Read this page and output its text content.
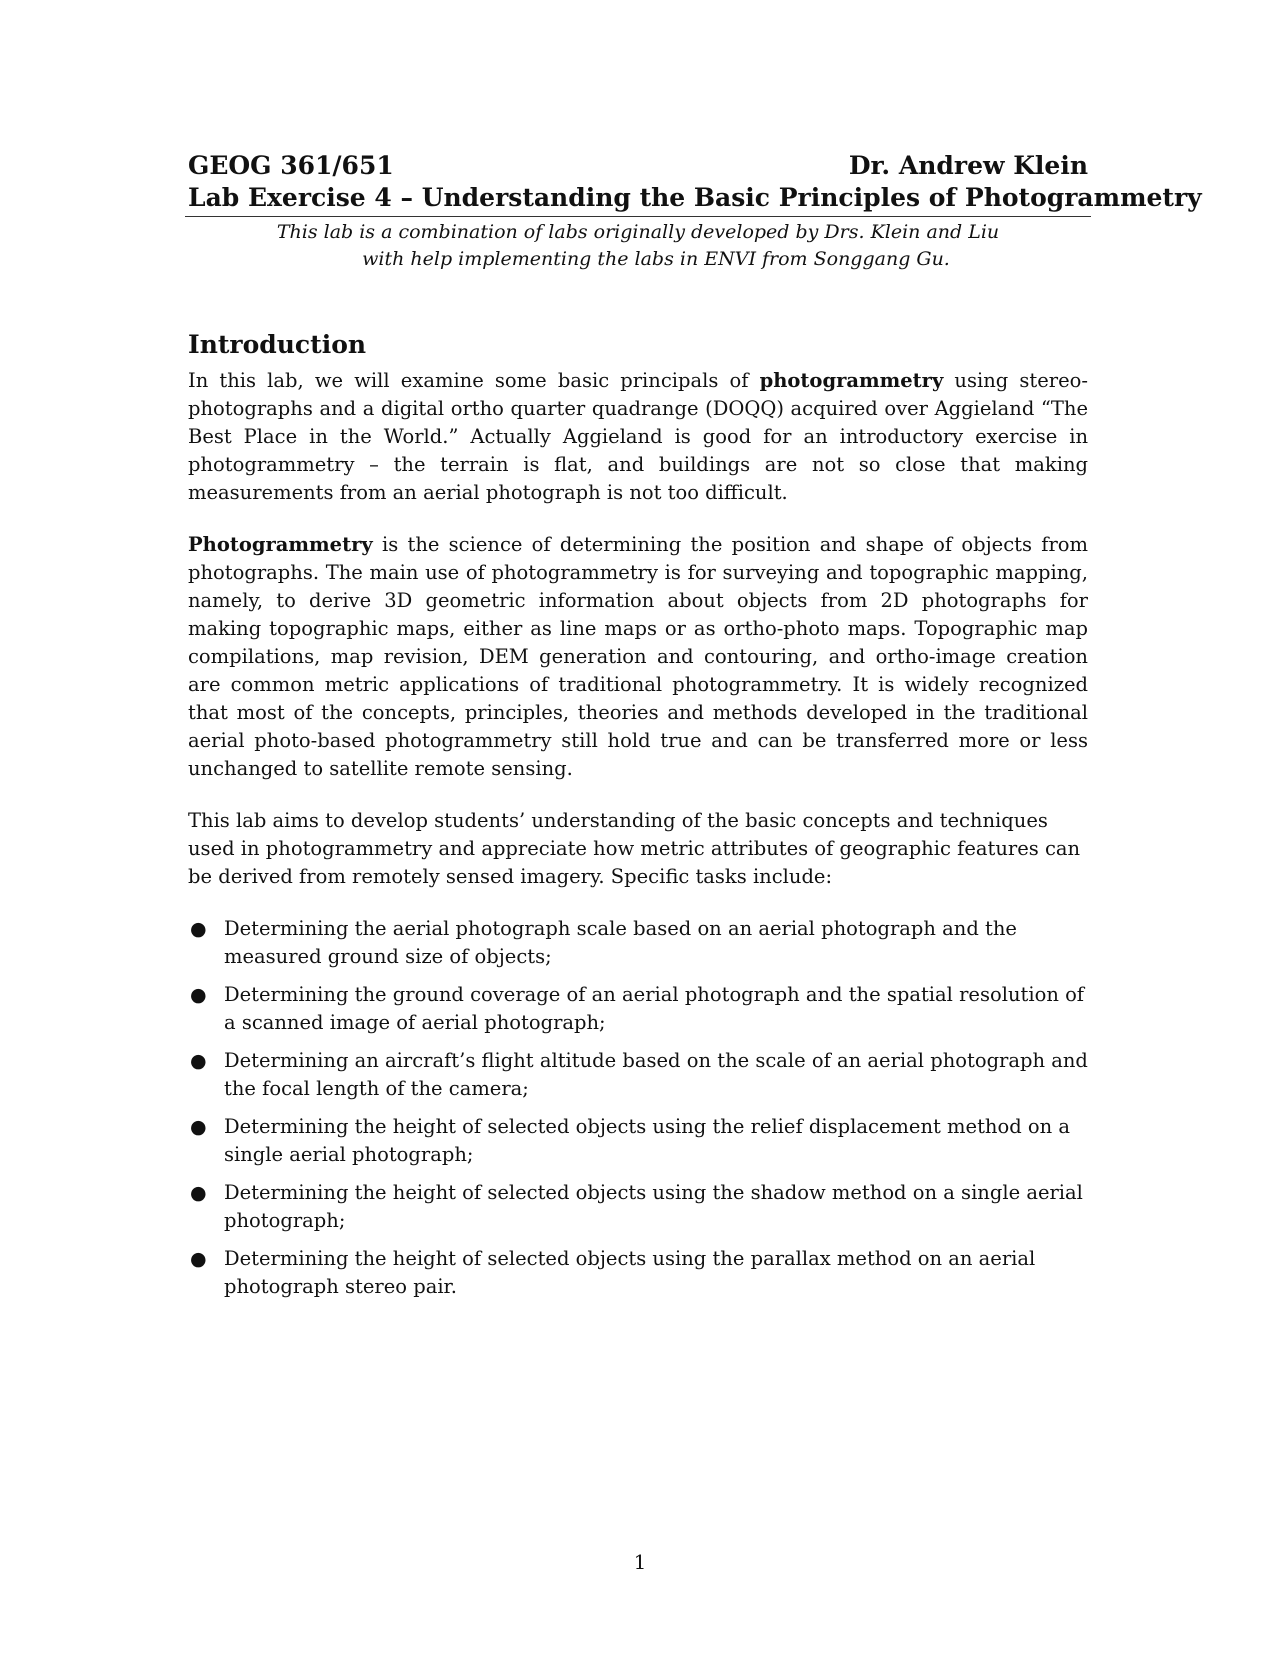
GEOG 361/651	Dr. Andrew Klein
Lab Exercise 4 – Understanding the Basic Principles of Photogrammetry
This lab is a combination of labs originally developed by Drs. Klein and Liu
with help implementing the labs in ENVI from Songgang Gu.
Introduction

In this lab, we will examine some basic principals of photogrammetry using stereo-photographs and a digital ortho quarter quadrange (DOQQ) acquired over Aggieland “The Best Place in the World.” Actually Aggieland is good for an introductory exercise in photogrammetry – the terrain is flat, and buildings are not so close that making measurements from an aerial photograph is not too difficult.

Photogrammetry is the science of determining the position and shape of objects from photographs. The main use of photogrammetry is for surveying and topographic mapping, namely, to derive 3D geometric information about objects from 2D photographs for making topographic maps, either as line maps or as ortho-photo maps. Topographic map compilations, map revision, DEM generation and contouring, and ortho-image creation are common metric applications of traditional photogrammetry. It is widely recognized that most of the concepts, principles, theories and methods developed in the traditional aerial photo-based photogrammetry still hold true and can be transferred more or less unchanged to satellite remote sensing.

This lab aims to develop students’ understanding of the basic concepts and techniques used in photogrammetry and appreciate how metric attributes of geographic features can be derived from remotely sensed imagery. Specific tasks include:

● Determining the aerial photograph scale based on an aerial photograph and the measured ground size of objects;
● Determining the ground coverage of an aerial photograph and the spatial resolution of a scanned image of aerial photograph;
● Determining an aircraft’s flight altitude based on the scale of an aerial photograph and the focal length of the camera;
● Determining the height of selected objects using the relief displacement method on a single aerial photograph;
● Determining the height of selected objects using the shadow method on a single aerial photograph;
● Determining the height of selected objects using the parallax method on an aerial photograph stereo pair.
1
